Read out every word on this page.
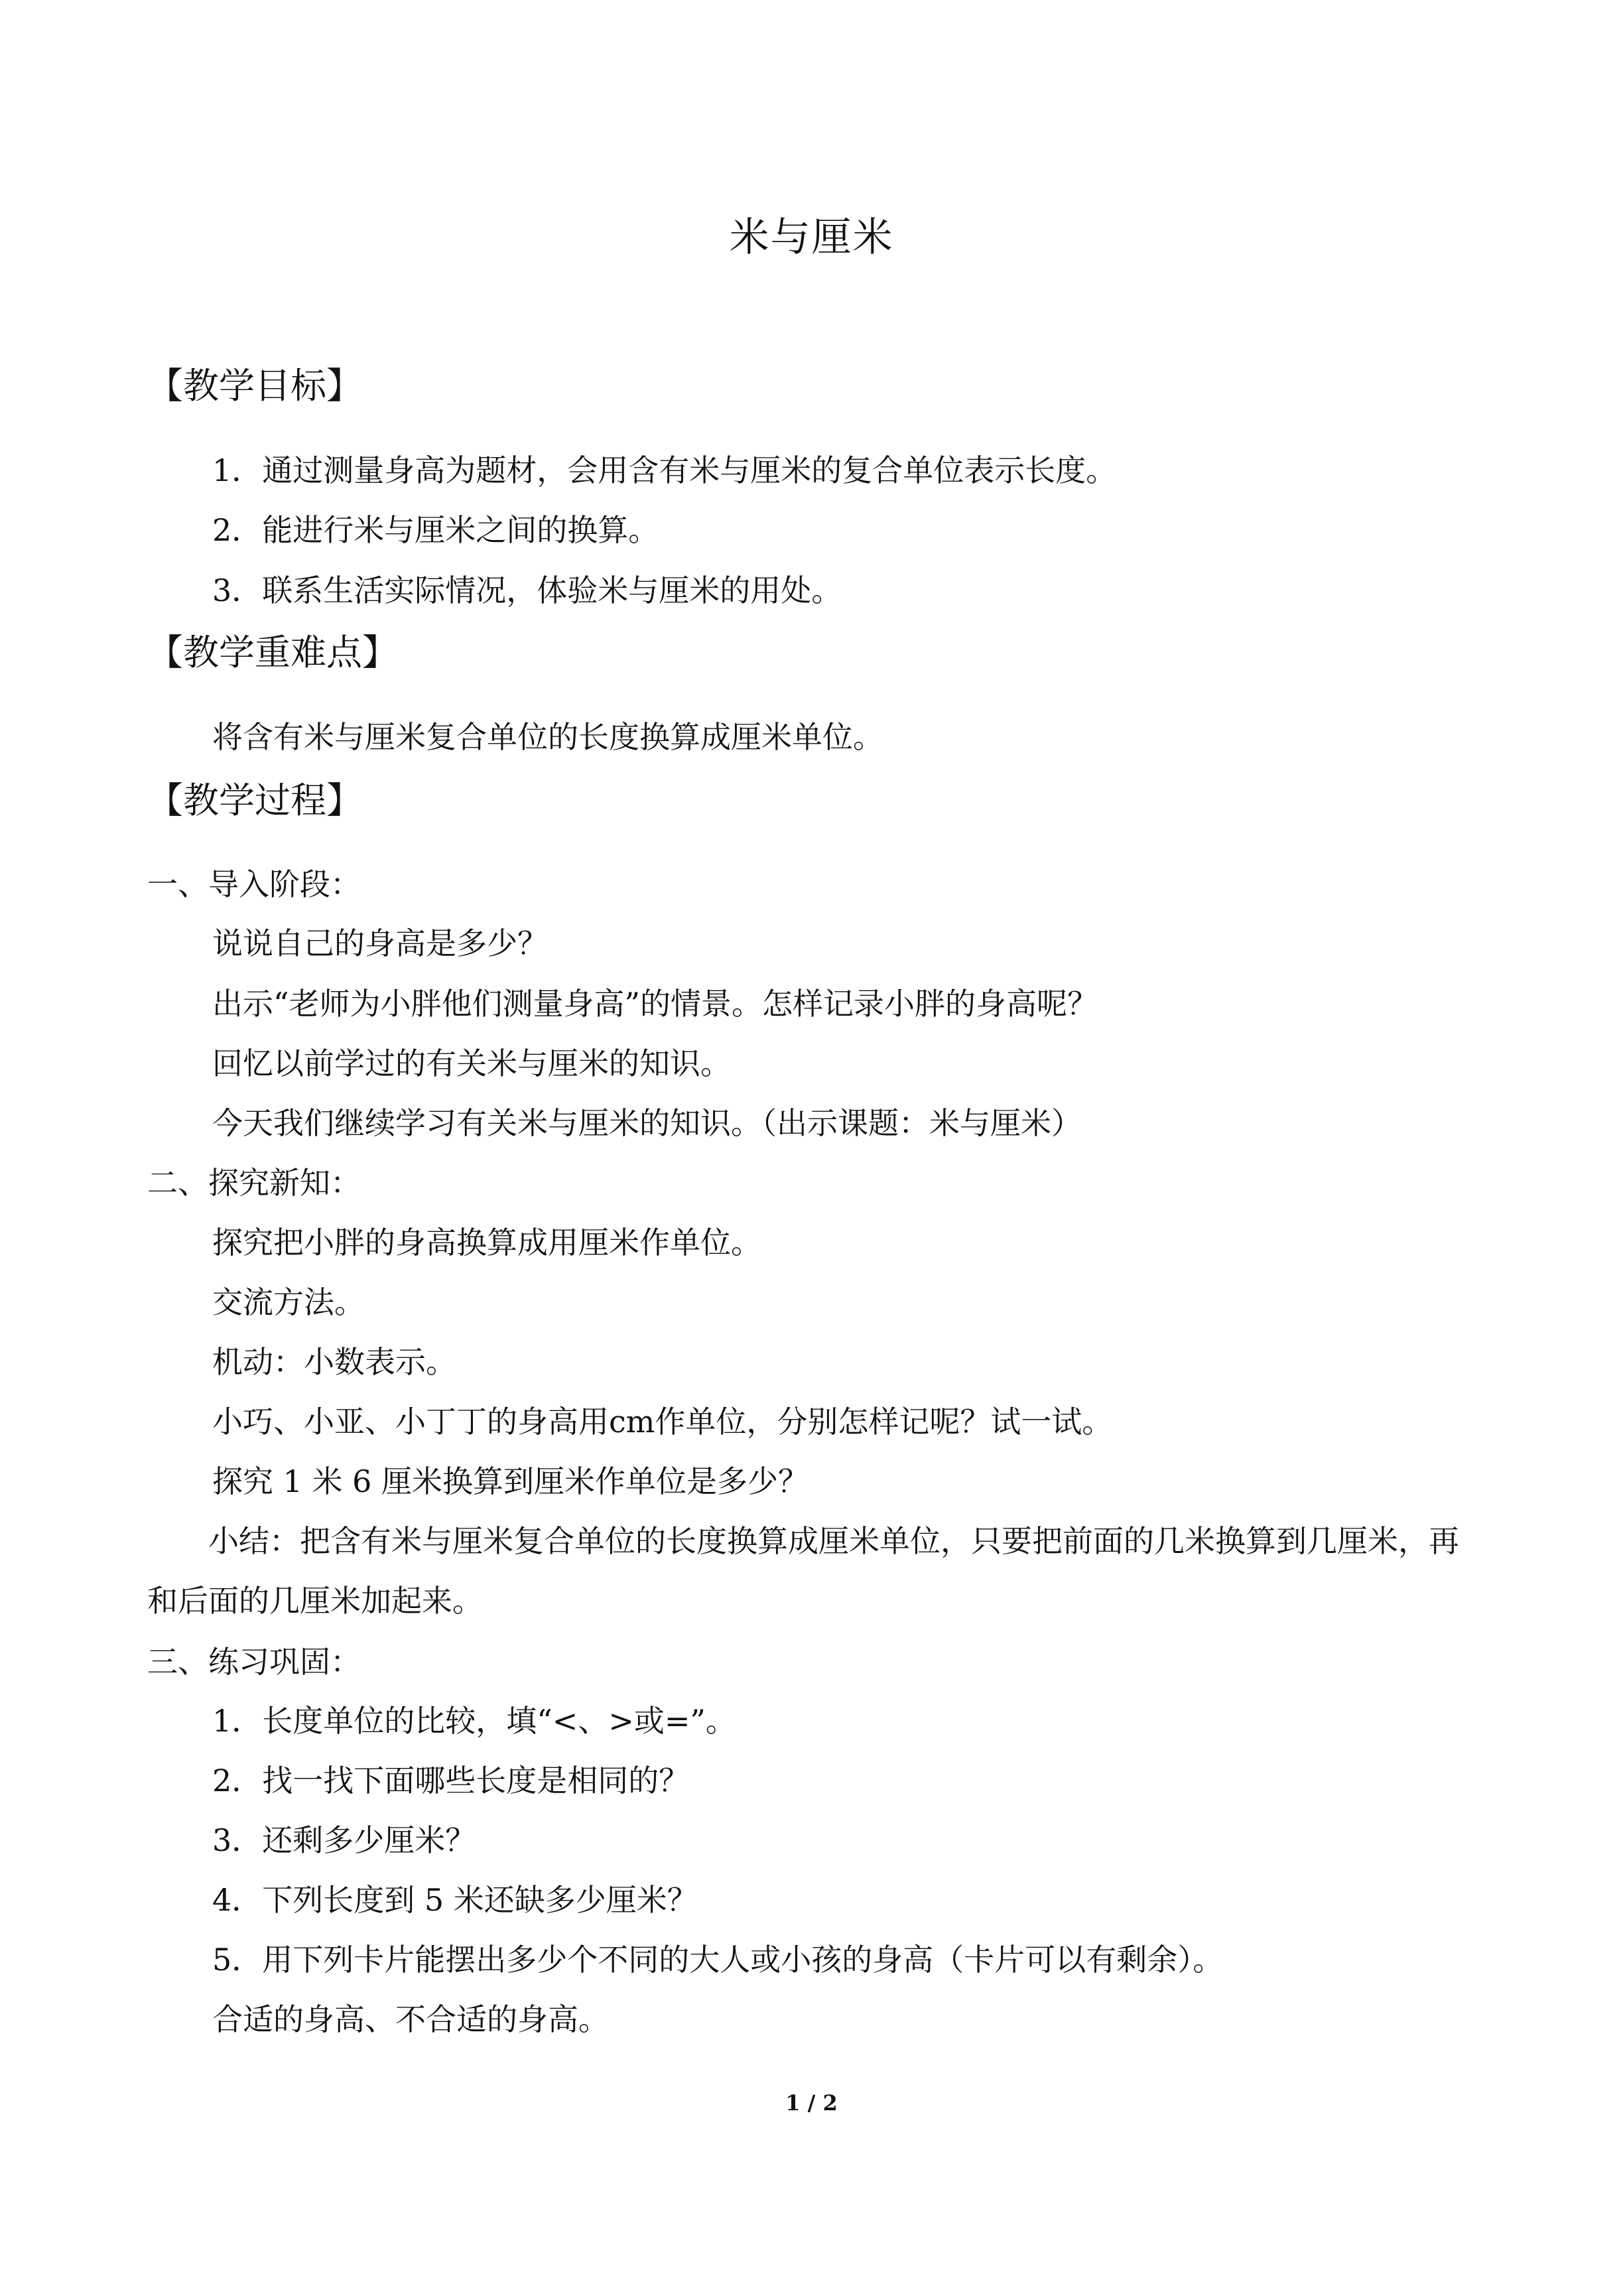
米与厘米
【教学目标】
1．通过测量身高为题材，会用含有米与厘米的复合单位表示长度。
2．能进行米与厘米之间的换算。
3．联系生活实际情况，体验米与厘米的用处。
【教学重难点】
将含有米与厘米复合单位的长度换算成厘米单位。
【教学过程】
一、导入阶段：
说说自己的身高是多少？
出示“老师为小胖他们测量身高”的情景。怎样记录小胖的身高呢？
回忆以前学过的有关米与厘米的知识。
今天我们继续学习有关米与厘米的知识。（出示课题：米与厘米）
二、探究新知：
探究把小胖的身高换算成用厘米作单位。
交流方法。
机动：小数表示。
小巧、小亚、小丁丁的身高用cm作单位，分别怎样记呢？试一试。
探究 1 米 6 厘米换算到厘米作单位是多少？
　　小结：把含有米与厘米复合单位的长度换算成厘米单位，只要把前面的几米换算到几厘米，再和后面的几厘米加起来。
三、练习巩固：
1．长度单位的比较，填“<、>或=”。
2．找一找下面哪些长度是相同的？
3．还剩多少厘米？
4．下列长度到 5 米还缺多少厘米？
5．用下列卡片能摆出多少个不同的大人或小孩的身高（卡片可以有剩余）。
合适的身高、不合适的身高。
1 / 2
